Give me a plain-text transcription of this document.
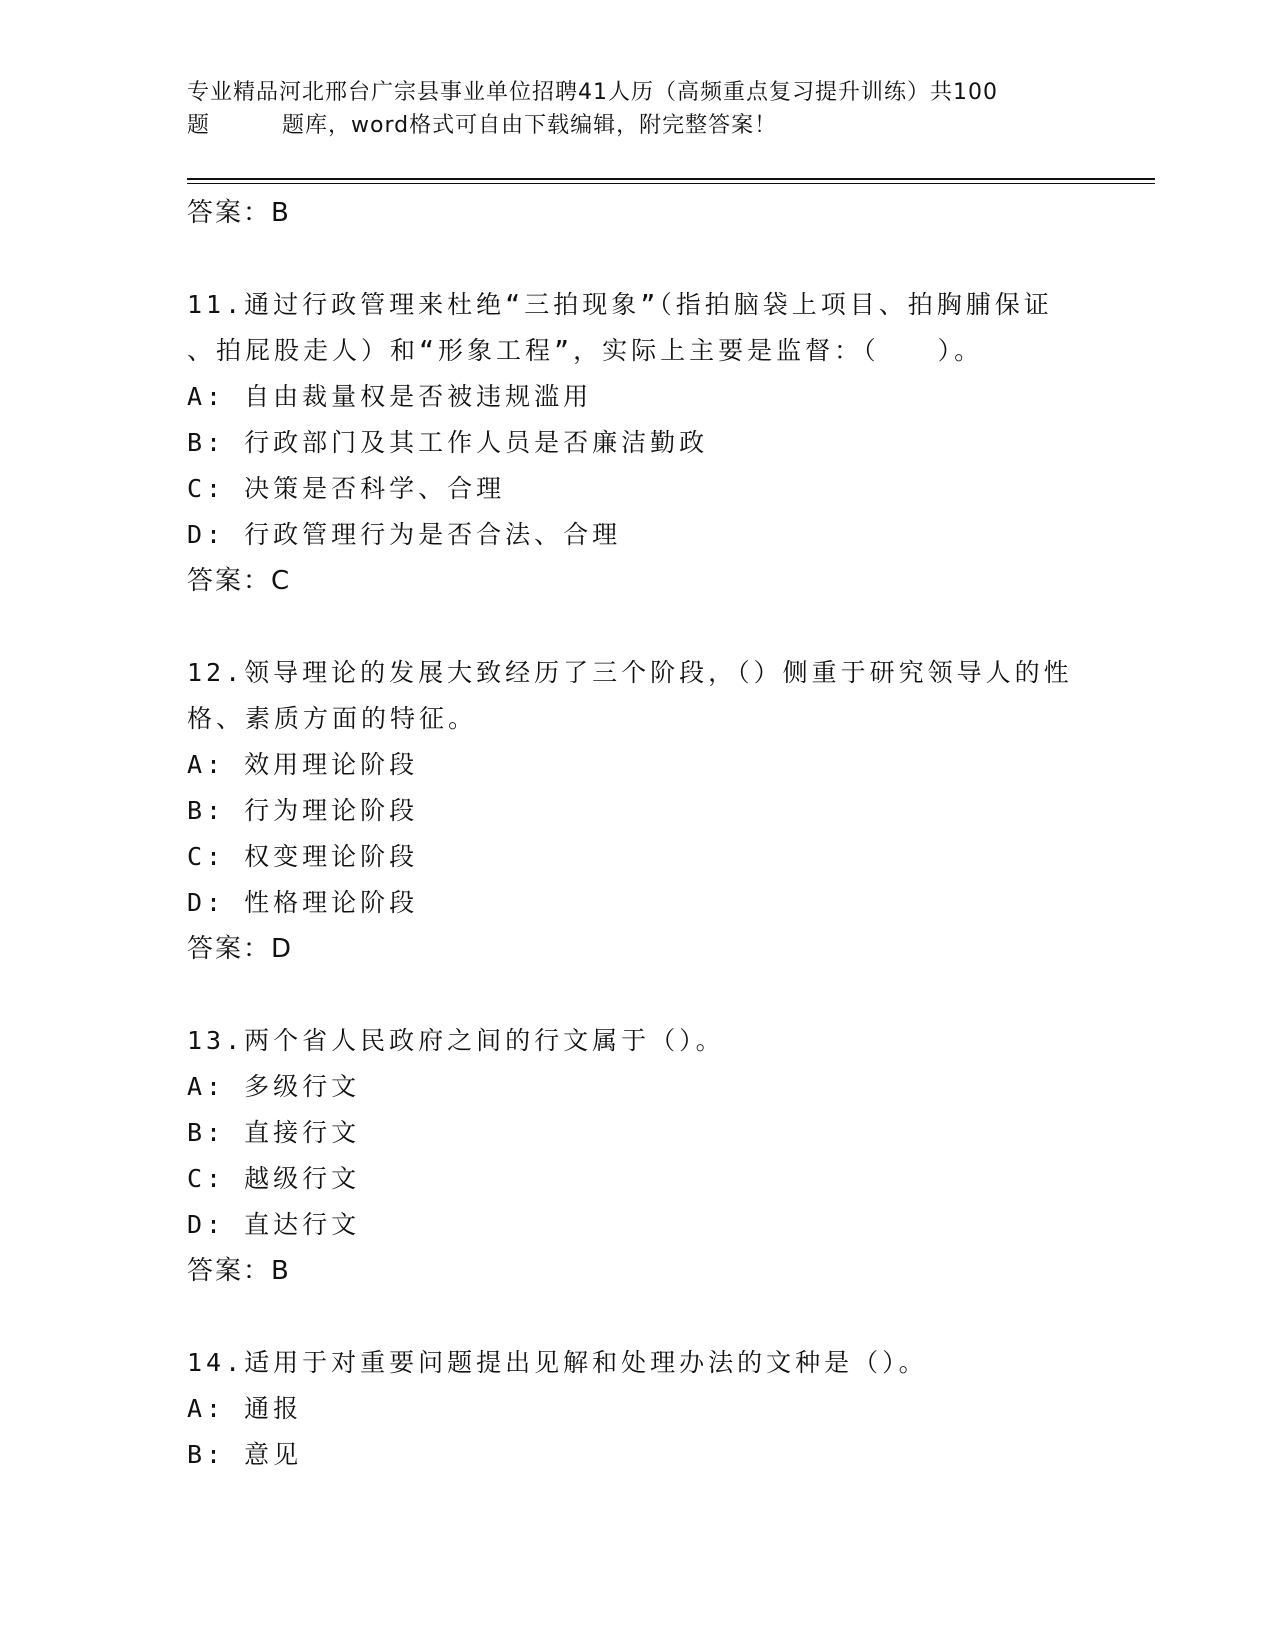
专业精品河北邢台广宗县事业单位招聘41人历（高频重点复习提升训练）共100
题	题库，word格式可自由下载编辑，附完整答案！
答案：B
11.通过行政管理来杜绝“三拍现象”（指拍脑袋上项目、拍胸脯保证
、拍屁股走人）和“形象工程”，实际上主要是监督：（　　）。
A: 自由裁量权是否被违规滥用
B: 行政部门及其工作人员是否廉洁勤政
C: 决策是否科学、合理
D: 行政管理行为是否合法、合理
答案：C
12.领导理论的发展大致经历了三个阶段，（）侧重于研究领导人的性
格、素质方面的特征。
A: 效用理论阶段
B: 行为理论阶段
C: 权变理论阶段
D: 性格理论阶段
答案：D
13.两个省人民政府之间的行文属于（）。
A: 多级行文
B: 直接行文
C: 越级行文
D: 直达行文
答案：B
14.适用于对重要问题提出见解和处理办法的文种是（）。
A: 通报
B: 意见
